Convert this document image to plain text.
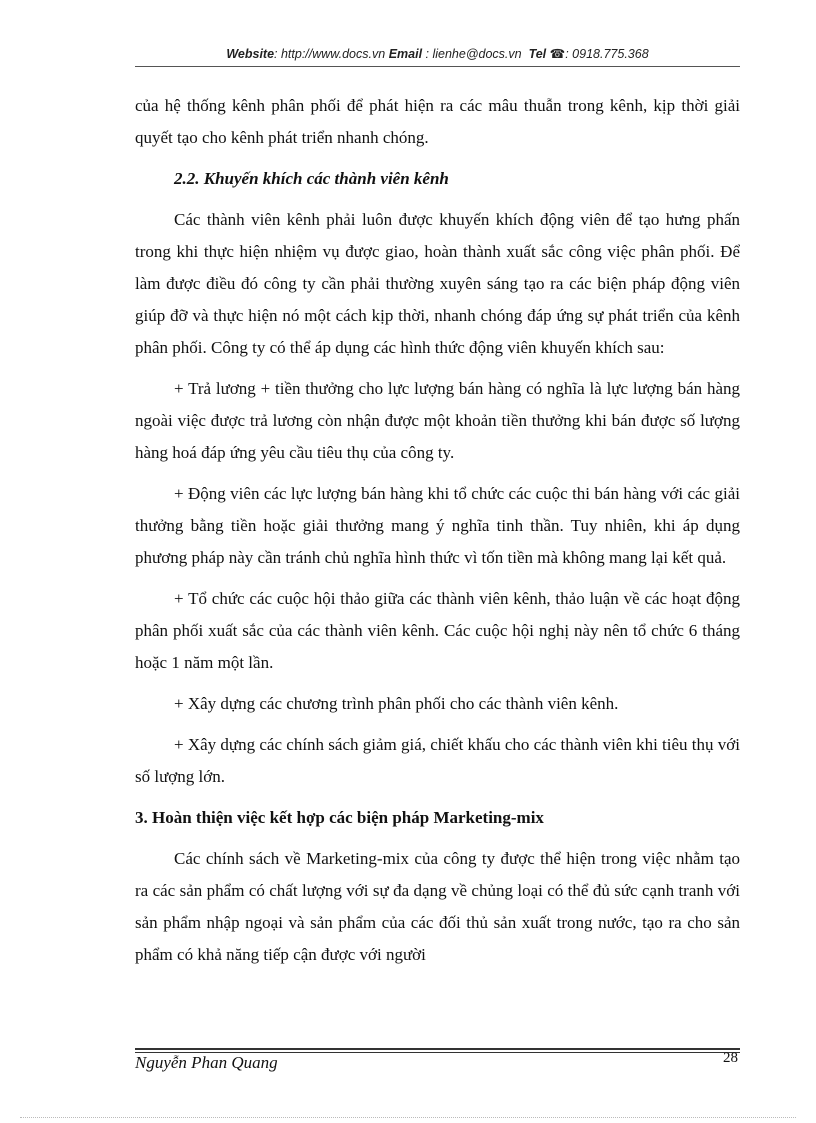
Website: http://www.docs.vn Email : lienhe@docs.vn Tel ☎: 0918.775.368

của hệ thống kênh phân phối để phát hiện ra các mâu thuẫn trong kênh, kịp thời giải quyết tạo cho kênh phát triển nhanh chóng.

2.2. Khuyến khích các thành viên kênh

Các thành viên kênh phải luôn được khuyến khích động viên để tạo hưng phấn trong khi thực hiện nhiệm vụ được giao, hoàn thành xuất sắc công việc phân phối. Để làm được điều đó công ty cần phải thường xuyên sáng tạo ra các biện pháp động viên giúp đỡ và thực hiện nó một cách kịp thời, nhanh chóng đáp ứng sự phát triển của kênh phân phối. Công ty có thể áp dụng các hình thức động viên khuyến khích sau:

+ Trả lương + tiền thưởng cho lực lượng bán hàng có nghĩa là lực lượng bán hàng ngoài việc được trả lương còn nhận được một khoản tiền thưởng khi bán được số lượng hàng hoá đáp ứng yêu cầu tiêu thụ của công ty.

+ Động viên các lực lượng bán hàng khi tổ chức các cuộc thi bán hàng với các giải thưởng bằng tiền hoặc giải thưởng mang ý nghĩa tinh thần. Tuy nhiên, khi áp dụng phương pháp này cần tránh chủ nghĩa hình thức vì tốn tiền mà không mang lại kết quả.

+ Tổ chức các cuộc hội thảo giữa các thành viên kênh, thảo luận về các hoạt động phân phối xuất sắc của các thành viên kênh. Các cuộc hội nghị này nên tổ chức 6 tháng hoặc 1 năm một lần.

+ Xây dựng các chương trình phân phối cho các thành viên kênh.

+ Xây dựng các chính sách giảm giá, chiết khấu cho các thành viên khi tiêu thụ với số lượng lớn.

3. Hoàn thiện việc kết hợp các biện pháp Marketing-mix

Các chính sách về Marketing-mix của công ty được thể hiện trong việc nhằm tạo ra các sản phẩm có chất lượng với sự đa dạng về chủng loại có thể đủ sức cạnh tranh với sản phẩm nhập ngoại và sản phẩm của các đối thủ sản xuất trong nước, tạo ra cho sản phẩm có khả năng tiếp cận được với người

Nguyễn Phan Quang	28
